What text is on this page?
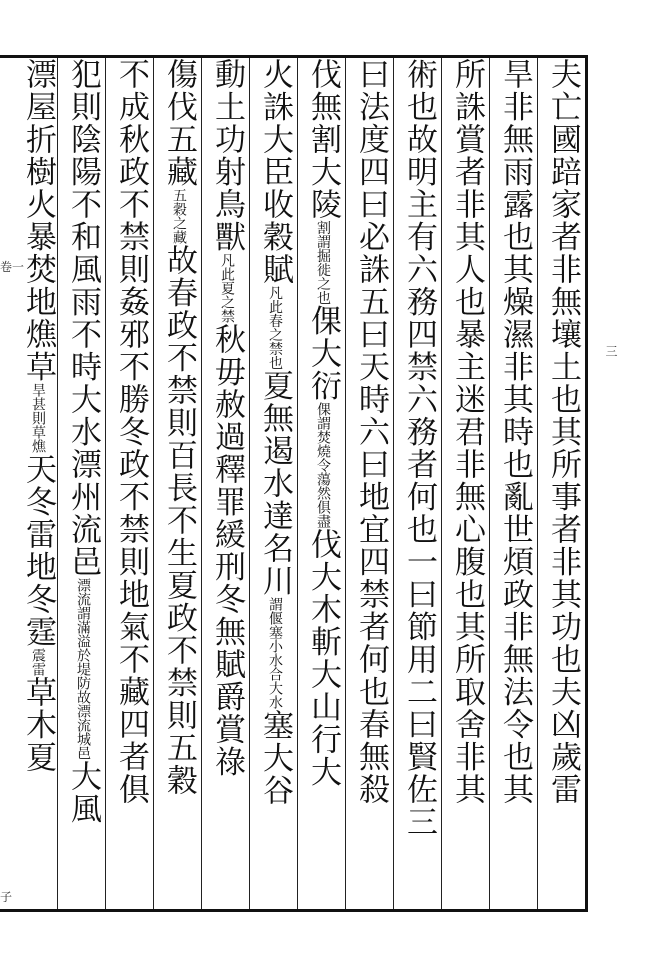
卷一
子
三
夫亡國踣家者非無壤土也其所事者非其功也夫凶歲雷
旱非無雨露也其燥濕非其時也亂世煩政非無法令也其
所誅賞者非其人也暴主迷君非無心腹也其所取舍非其
術也故明主有六務四禁六務者何也一曰節用二曰賢佐三
曰法度四曰必誅五曰天時六曰地宜四禁者何也春無殺
伐無割大陵割謂掘徙之也倮大衍倮謂焚燒令蕩然俱盡伐大木斬大山行大
火誅大臣收穀賦凡此春之禁也夏無遏水達名川謂偃塞小水合大水塞大谷
動土功射鳥獸凡此夏之禁秋毋赦過釋罪緩刑冬無賦爵賞祿
傷伐五藏五穀之藏故春政不禁則百長不生夏政不禁則五穀
不成秋政不禁則姦邪不勝冬政不禁則地氣不藏四者俱
犯則陰陽不和風雨不時大水漂州流邑漂流謂滿溢於堤防故漂流城邑大風
漂屋折樹火暴焚地燋草旱甚則草燋天冬雷地冬霆震雷草木夏
